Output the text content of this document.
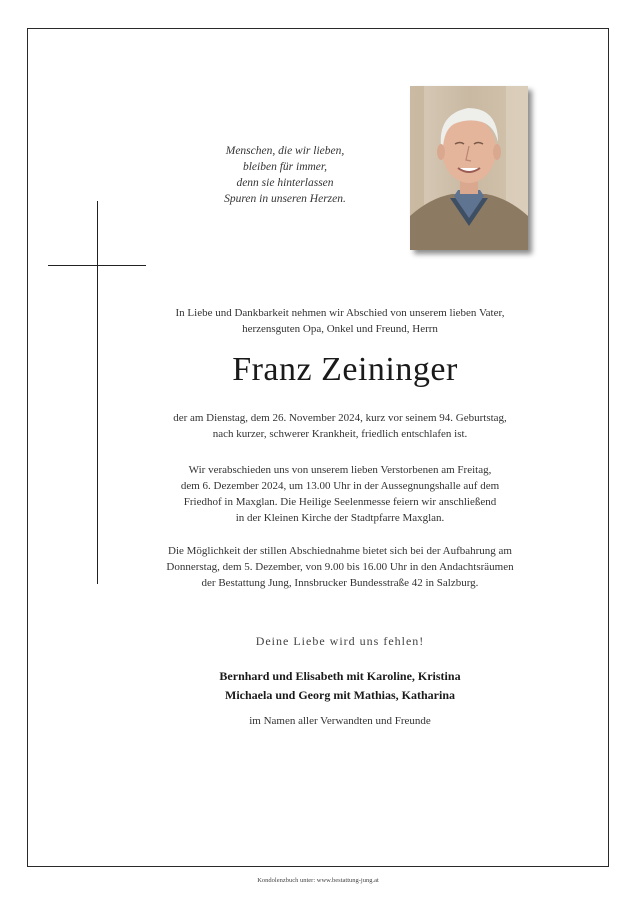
Menschen, die wir lieben,
bleiben für immer,
denn sie hinterlassen
Spuren in unseren Herzen.
In Liebe und Dankbarkeit nehmen wir Abschied von unserem lieben Vater,
herzensguten Opa, Onkel und Freund, Herrn
Franz Zeininger
der am Dienstag, dem 26. November 2024, kurz vor seinem 94. Geburtstag,
nach kurzer, schwerer Krankheit, friedlich entschlafen ist.
Wir verabschieden uns von unserem lieben Verstorbenen am Freitag,
dem 6. Dezember 2024, um 13.00 Uhr in der Aussegnungshalle auf dem
Friedhof in Maxglan. Die Heilige Seelenmesse feiern wir anschließend
in der Kleinen Kirche der Stadtpfarre Maxglan.
Die Möglichkeit der stillen Abschiednahme bietet sich bei der Aufbahrung am
Donnerstag, dem 5. Dezember, von 9.00 bis 16.00 Uhr in den Andachtsräumen
der Bestattung Jung, Innsbrucker Bundesstraße 42 in Salzburg.
Deine Liebe wird uns fehlen!
Bernhard und Elisabeth mit Karoline, Kristina
Michaela und Georg mit Mathias, Katharina
im Namen aller Verwandten und Freunde
Kondolenzbuch unter: www.bestattung-jung.at
